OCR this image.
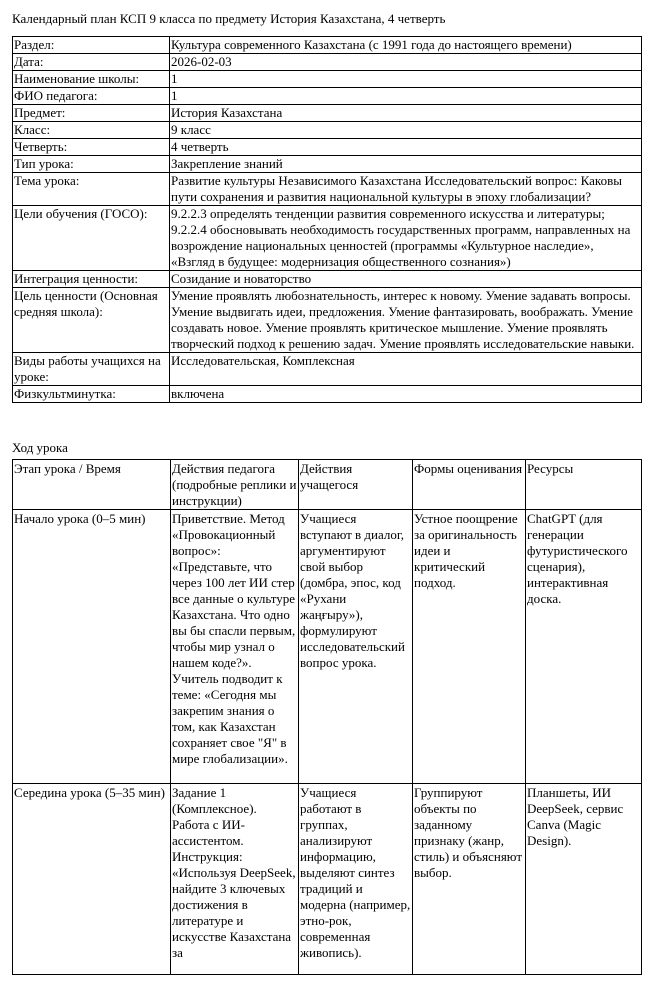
Календарный план КСП 9 класса по предмету История Казахстана, 4 четверть
Раздел:	Культура современного Казахстана (с 1991 года до настоящего времени)
Дата:	2026-02-03
Наименование школы:	1
ФИО педагога:	1
Предмет:	История Казахстана
Класс:	9 класс
Четверть:	4 четверть
Тип урока:	Закрепление знаний
Тема урока:	Развитие культуры Независимого Казахстана Исследовательский вопрос: Каковы пути сохранения и развития национальной культуры в эпоху глобализации?
Цели обучения (ГОСО):	9.2.2.3 определять тенденции развития современного искусства и литературы; 9.2.2.4 обосновывать необходимость государственных программ, направленных на возрождение национальных ценностей (программы «Культурное наследие», «Взгляд в будущее: модернизация общественного сознания»)
Интеграция ценности:	Созидание и новаторство
Цель ценности (Основная средняя школа):	Умение проявлять любознательность, интерес к новому. Умение задавать вопросы. Умение выдвигать идеи, предложения. Умение фантазировать, воображать. Умение создавать новое. Умение проявлять критическое мышление. Умение проявлять творческий подход к решению задач. Умение проявлять исследовательские навыки.
Виды работы учащихся на уроке:	Исследовательская, Комплексная
Физкультминутка:	включена
Ход урока
Этап урока / Время	Действия педагога (подробные реплики и инструкции)	Действия учащегося	Формы оценивания	Ресурсы
Начало урока (0–5 мин)	Приветствие. Метод «Провокационный вопрос»: «Представьте, что через 100 лет ИИ стер все данные о культуре Казахстана. Что одно вы бы спасли первым, чтобы мир узнал о нашем коде?». Учитель подводит к теме: «Сегодня мы закрепим знания о том, как Казахстан сохраняет свое "Я" в мире глобализации».	Учащиеся вступают в диалог, аргументируют свой выбор (домбра, эпос, код «Рухани жаңғыру»), формулируют исследовательский вопрос урока.	Устное поощрение за оригинальность идеи и критический подход.	ChatGPT (для генерации футуристического сценария), интерактивная доска.
Середина урока (5–35 мин)	Задание 1 (Комплексное). Работа с ИИ-ассистентом. Инструкция: «Используя DeepSeek, найдите 3 ключевых достижения в литературе и искусстве Казахстана за	Учащиеся работают в группах, анализируют информацию, выделяют синтез традиций и модерна (например, этно-рок, современная живопись).	Группируют объекты по заданному признаку (жанр, стиль) и объясняют выбор.	Планшеты, ИИ DeepSeek, сервис Canva (Magic Design).
